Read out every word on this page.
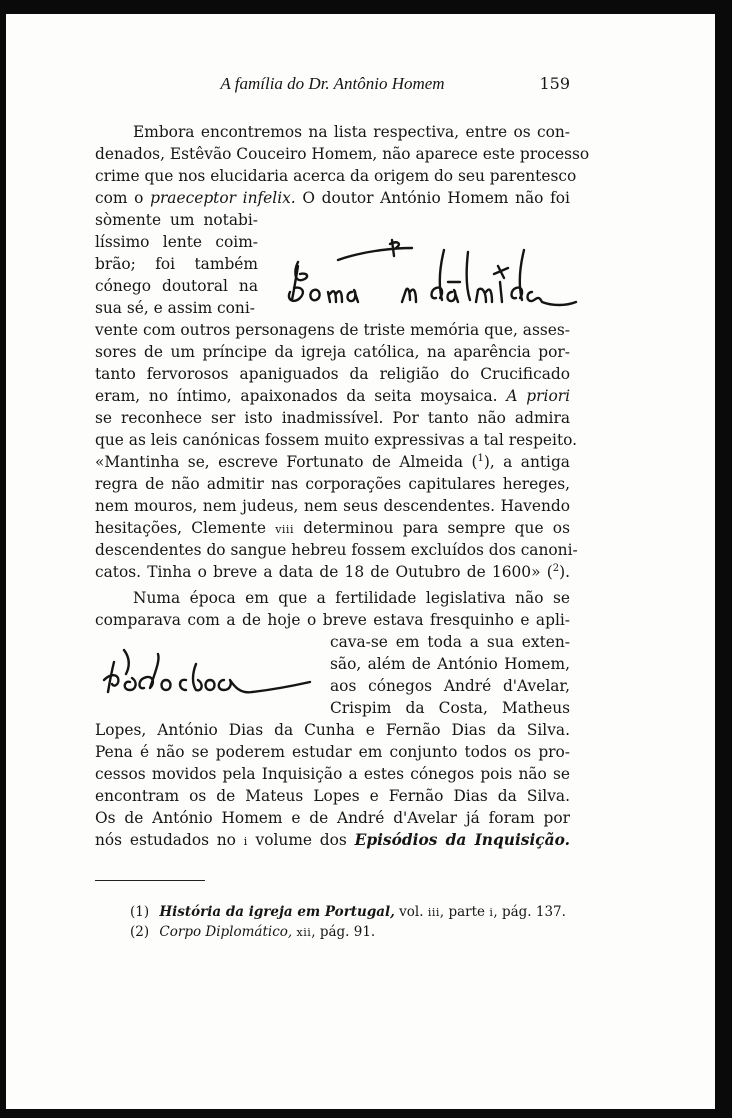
A família do Dr. Antônio Homem	159
Embora encontremos na lista respectiva, entre os con-
denados, Estêvão Couceiro Homem, não aparece este processo
crime que nos elucidaria acerca da origem do seu parentesco
com o praeceptor infelix. O doutor António Homem não foi
sòmente um notabi-
líssimo lente coim-
brão; foi também
cónego doutoral na
sua sé, e assim coni-
vente com outros personagens de triste memória que, asses-
sores de um príncipe da igreja católica, na aparência por-
tanto fervorosos apaniguados da religião do Crucificado
eram, no íntimo, apaixonados da seita moysaica. A priori
se reconhece ser isto inadmissível. Por tanto não admira
que as leis canónicas fossem muito expressivas a tal respeito.
«Mantinha se, escreve Fortunato de Almeida ($^1$), a antiga
regra de não admitir nas corporações capitulares hereges,
nem mouros, nem judeus, nem seus descendentes. Havendo
hesitações, Clemente viii determinou para sempre que os
descendentes do sangue hebreu fossem excluídos dos canoni-
catos. Tinha o breve a data de 18 de Outubro de 1600» ($^2$).
Numa época em que a fertilidade legislativa não se
comparava com a de hoje o breve estava fresquinho e apli-
cava-se em toda a sua exten-
são, além de António Homem,
aos cónegos André d'Avelar,
Crispim da Costa, Matheus
Lopes, António Dias da Cunha e Fernão Dias da Silva.
Pena é não se poderem estudar em conjunto todos os pro-
cessos movidos pela Inquisição a estes cónegos pois não se
encontram os de Mateus Lopes e Fernão Dias da Silva.
Os de António Homem e de André d'Avelar já foram por
nós estudados no i volume dos Episódios da Inquisição.
(1) História da igreja em Portugal, vol. iii, parte i, pág. 137.
(2) Corpo Diplomático, xii, pág. 91.
